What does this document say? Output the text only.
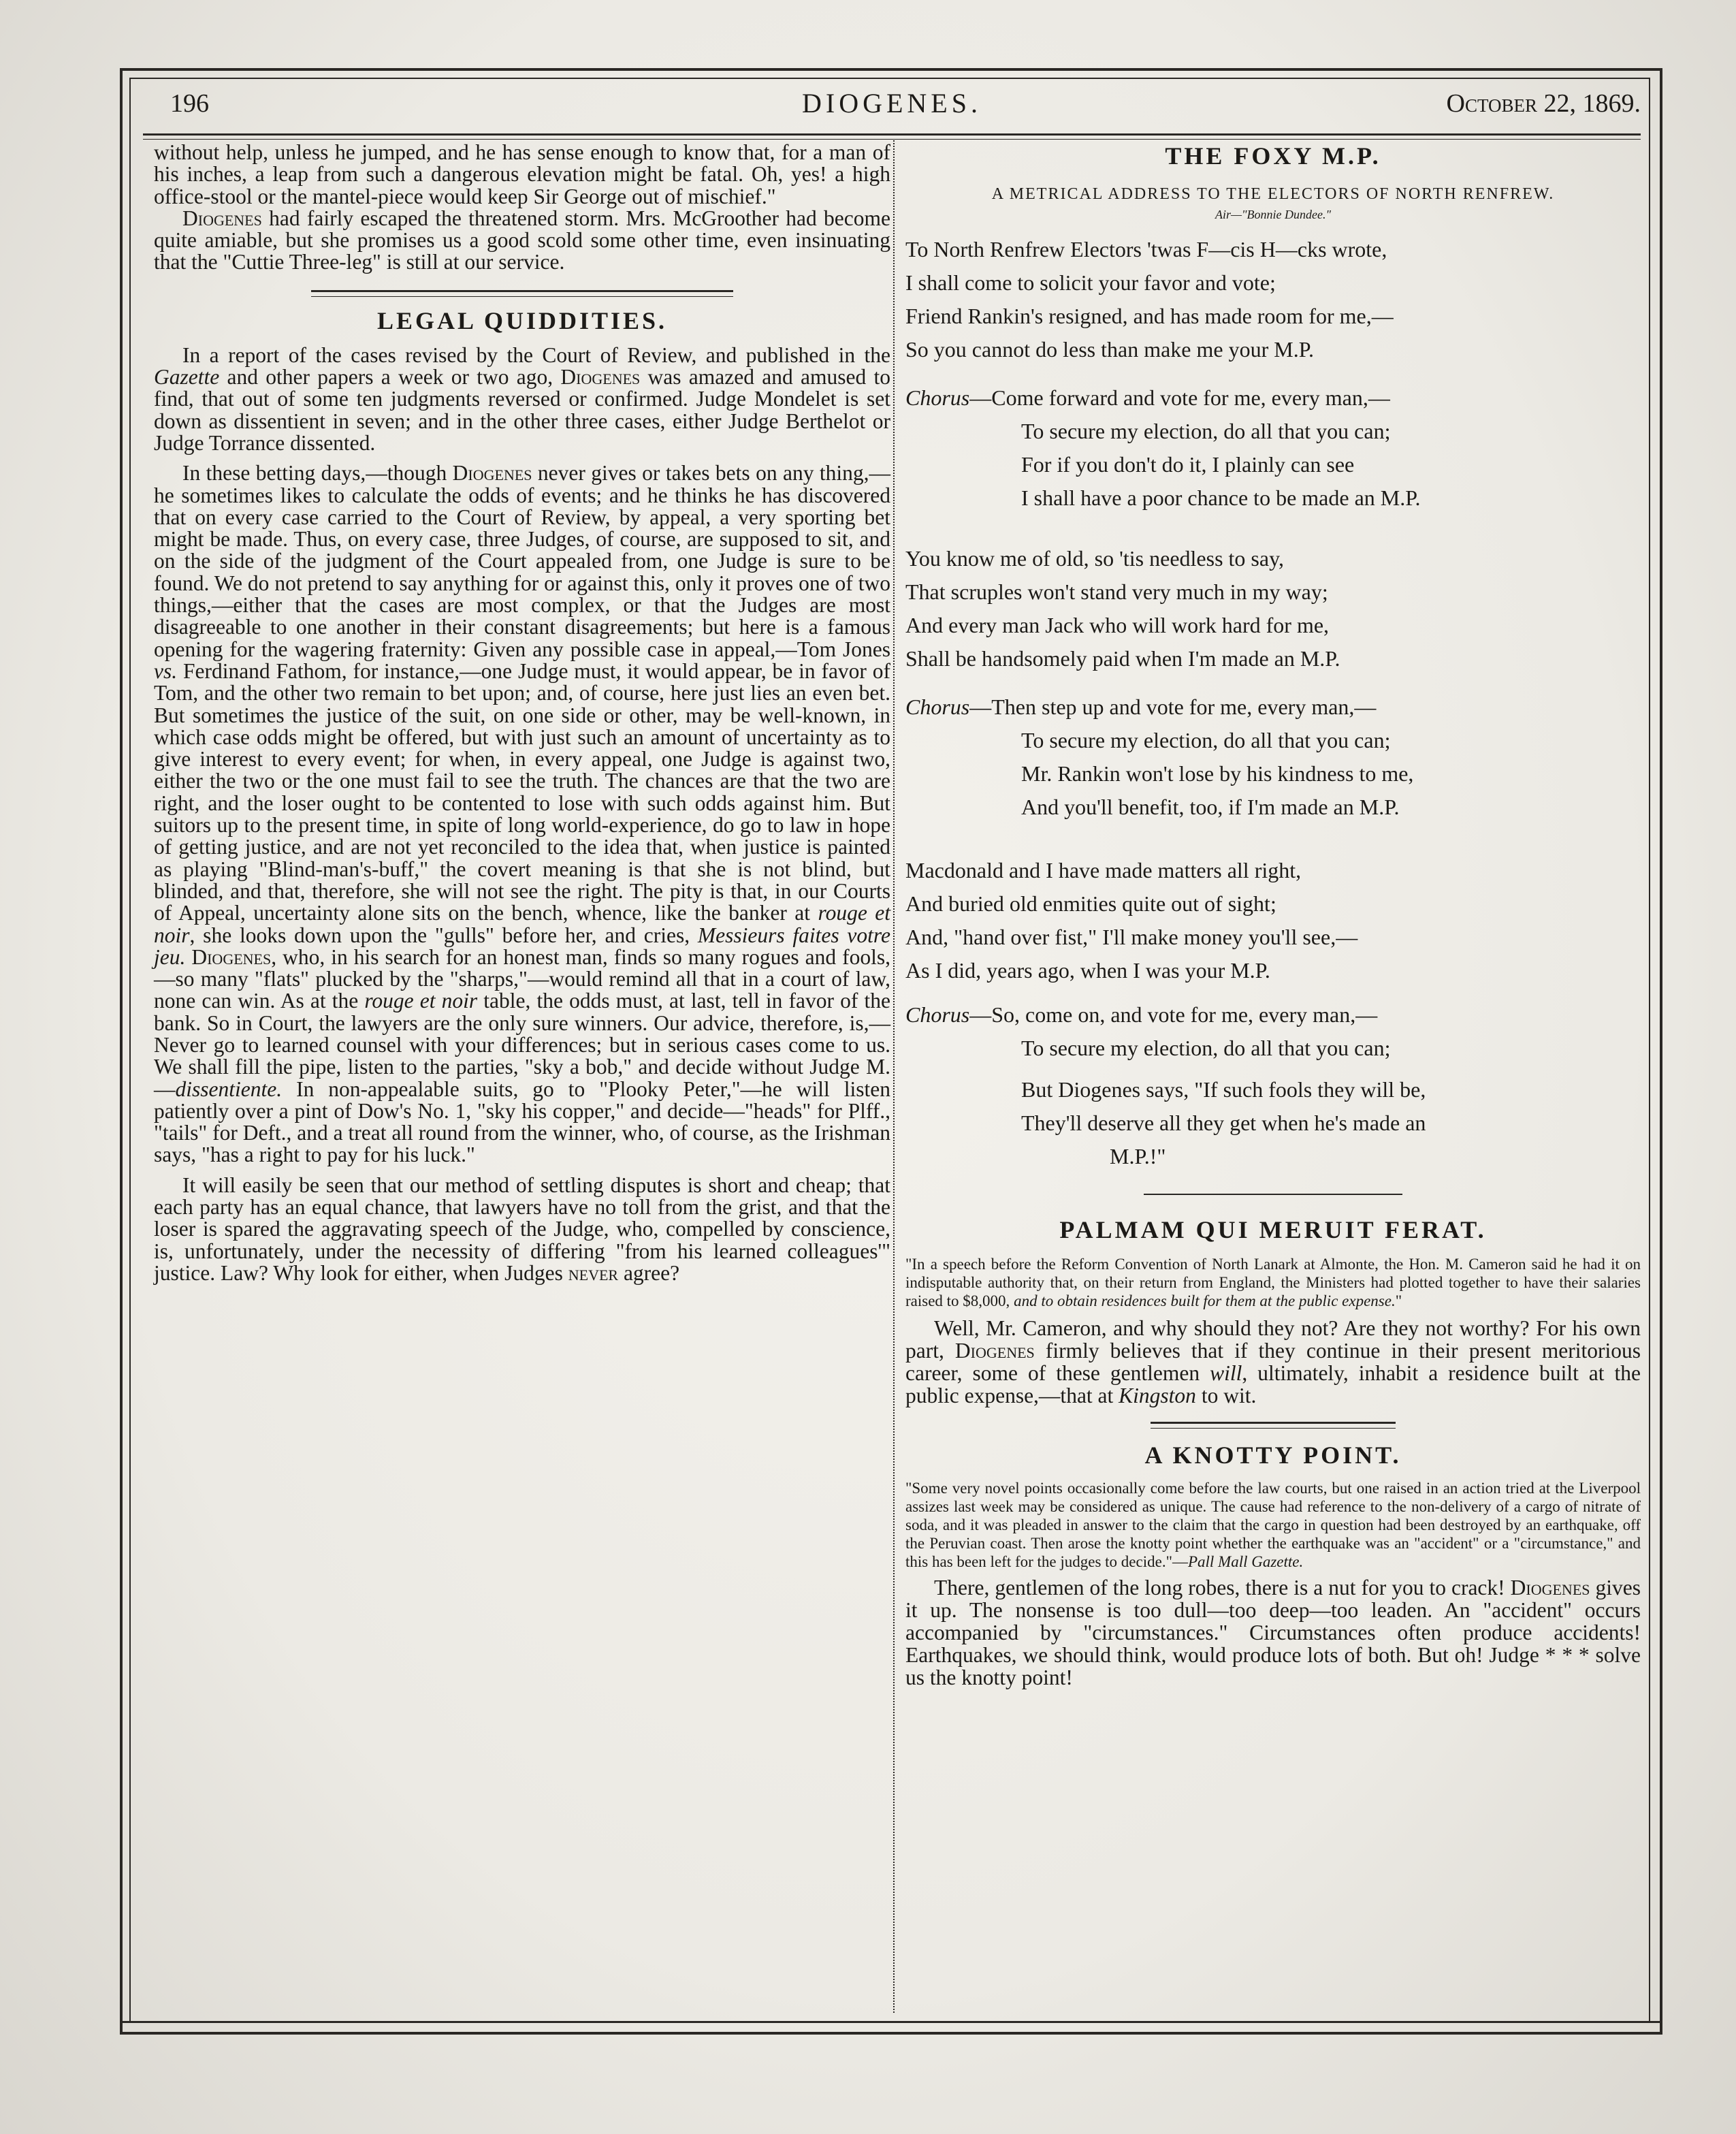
196	DIOGENES.	October 22, 1869.

without help, unless he jumped, and he has sense enough to know that, for a man of his inches, a leap from such a dangerous elevation might be fatal. Oh, yes! a high office-stool or the mantel-piece would keep Sir George out of mischief."

Diogenes had fairly escaped the threatened storm. Mrs. McGroother had become quite amiable, but she promises us a good scold some other time, even insinuating that the "Cuttie Three-leg" is still at our service.

LEGAL QUIDDITIES.

In a report of the cases revised by the Court of Review, and published in the Gazette and other papers a week or two ago, Diogenes was amazed and amused to find, that out of some ten judgments reversed or confirmed. Judge Mondelet is set down as dissentient in seven; and in the other three cases, either Judge Berthelot or Judge Torrance dissented.

In these betting days,—though Diogenes never gives or takes bets on any thing,—he sometimes likes to calculate the odds of events; and he thinks he has discovered that on every case carried to the Court of Review, by appeal, a very sporting bet might be made. Thus, on every case, three Judges, of course, are supposed to sit, and on the side of the judgment of the Court appealed from, one Judge is sure to be found. We do not pretend to say anything for or against this, only it proves one of two things,—either that the cases are most complex, or that the Judges are most disagreeable to one another in their constant disagreements; but here is a famous opening for the wagering fraternity: Given any possible case in appeal,—Tom Jones vs. Ferdinand Fathom, for instance,—one Judge must, it would appear, be in favor of Tom, and the other two remain to bet upon; and, of course, here just lies an even bet. But sometimes the justice of the suit, on one side or other, may be well-known, in which case odds might be offered, but with just such an amount of uncertainty as to give interest to every event; for when, in every appeal, one Judge is against two, either the two or the one must fail to see the truth. The chances are that the two are right, and the loser ought to be contented to lose with such odds against him. But suitors up to the present time, in spite of long world-experience, do go to law in hope of getting justice, and are not yet reconciled to the idea that, when justice is painted as playing "Blind-man's-buff," the covert meaning is that she is not blind, but blinded, and that, therefore, she will not see the right. The pity is that, in our Courts of Appeal, uncertainty alone sits on the bench, whence, like the banker at rouge et noir, she looks down upon the "gulls" before her, and cries, Messieurs faites votre jeu. Diogenes, who, in his search for an honest man, finds so many rogues and fools,—so many "flats" plucked by the "sharps,"—would remind all that in a court of law, none can win. As at the rouge et noir table, the odds must, at last, tell in favor of the bank. So in Court, the lawyers are the only sure winners. Our advice, therefore, is,—Never go to learned counsel with your differences; but in serious cases come to us. We shall fill the pipe, listen to the parties, "sky a bob," and decide without Judge M.—dissentiente. In non-appealable suits, go to "Plooky Peter,"—he will listen patiently over a pint of Dow's No. 1, "sky his copper," and decide—"heads" for Plff., "tails" for Deft., and a treat all round from the winner, who, of course, as the Irishman says, "has a right to pay for his luck."

It will easily be seen that our method of settling disputes is short and cheap; that each party has an equal chance, that lawyers have no toll from the grist, and that the loser is spared the aggravating speech of the Judge, who, compelled by conscience, is, unfortunately, under the necessity of differing "from his learned colleagues'" justice. Law? Why look for either, when Judges never agree?

THE FOXY M.P.

A METRICAL ADDRESS TO THE ELECTORS OF NORTH RENFREW.

Air—"Bonnie Dundee."

To North Renfrew Electors 'twas F—cis H—cks wrote,
I shall come to solicit your favor and vote;
Friend Rankin's resigned, and has made room for me,—
So you cannot do less than make me your M.P.
Chorus—Come forward and vote for me, every man,—
To secure my election, do all that you can;
For if you don't do it, I plainly can see
I shall have a poor chance to be made an M.P.
You know me of old, so 'tis needless to say,
That scruples won't stand very much in my way;
And every man Jack who will work hard for me,
Shall be handsomely paid when I'm made an M.P.
Chorus—Then step up and vote for me, every man,—
To secure my election, do all that you can;
Mr. Rankin won't lose by his kindness to me,
And you'll benefit, too, if I'm made an M.P.
Macdonald and I have made matters all right,
And buried old enmities quite out of sight;
And, "hand over fist," I'll make money you'll see,—
As I did, years ago, when I was your M.P.
Chorus—So, come on, and vote for me, every man,—
To secure my election, do all that you can;
But Diogenes says, "If such fools they will be,
They'll deserve all they get when he's made an
M.P.!"
PALMAM QUI MERUIT FERAT.

"In a speech before the Reform Convention of North Lanark at Almonte, the Hon. M. Cameron said he had it on indisputable authority that, on their return from England, the Ministers had plotted together to have their salaries raised to $8,000, and to obtain residences built for them at the public expense."

Well, Mr. Cameron, and why should they not? Are they not worthy? For his own part, Diogenes firmly believes that if they continue in their present meritorious career, some of these gentlemen will, ultimately, inhabit a residence built at the public expense,—that at Kingston to wit.

A KNOTTY POINT.

"Some very novel points occasionally come before the law courts, but one raised in an action tried at the Liverpool assizes last week may be considered as unique. The cause had reference to the non-delivery of a cargo of nitrate of soda, and it was pleaded in answer to the claim that the cargo in question had been destroyed by an earthquake, off the Peruvian coast. Then arose the knotty point whether the earthquake was an "accident" or a "circumstance," and this has been left for the judges to decide."—Pall Mall Gazette.

There, gentlemen of the long robes, there is a nut for you to crack! Diogenes gives it up. The nonsense is too dull—too deep—too leaden. An "accident" occurs accompanied by "circumstances." Circumstances often produce accidents! Earthquakes, we should think, would produce lots of both. But oh! Judge * * * solve us the knotty point!
